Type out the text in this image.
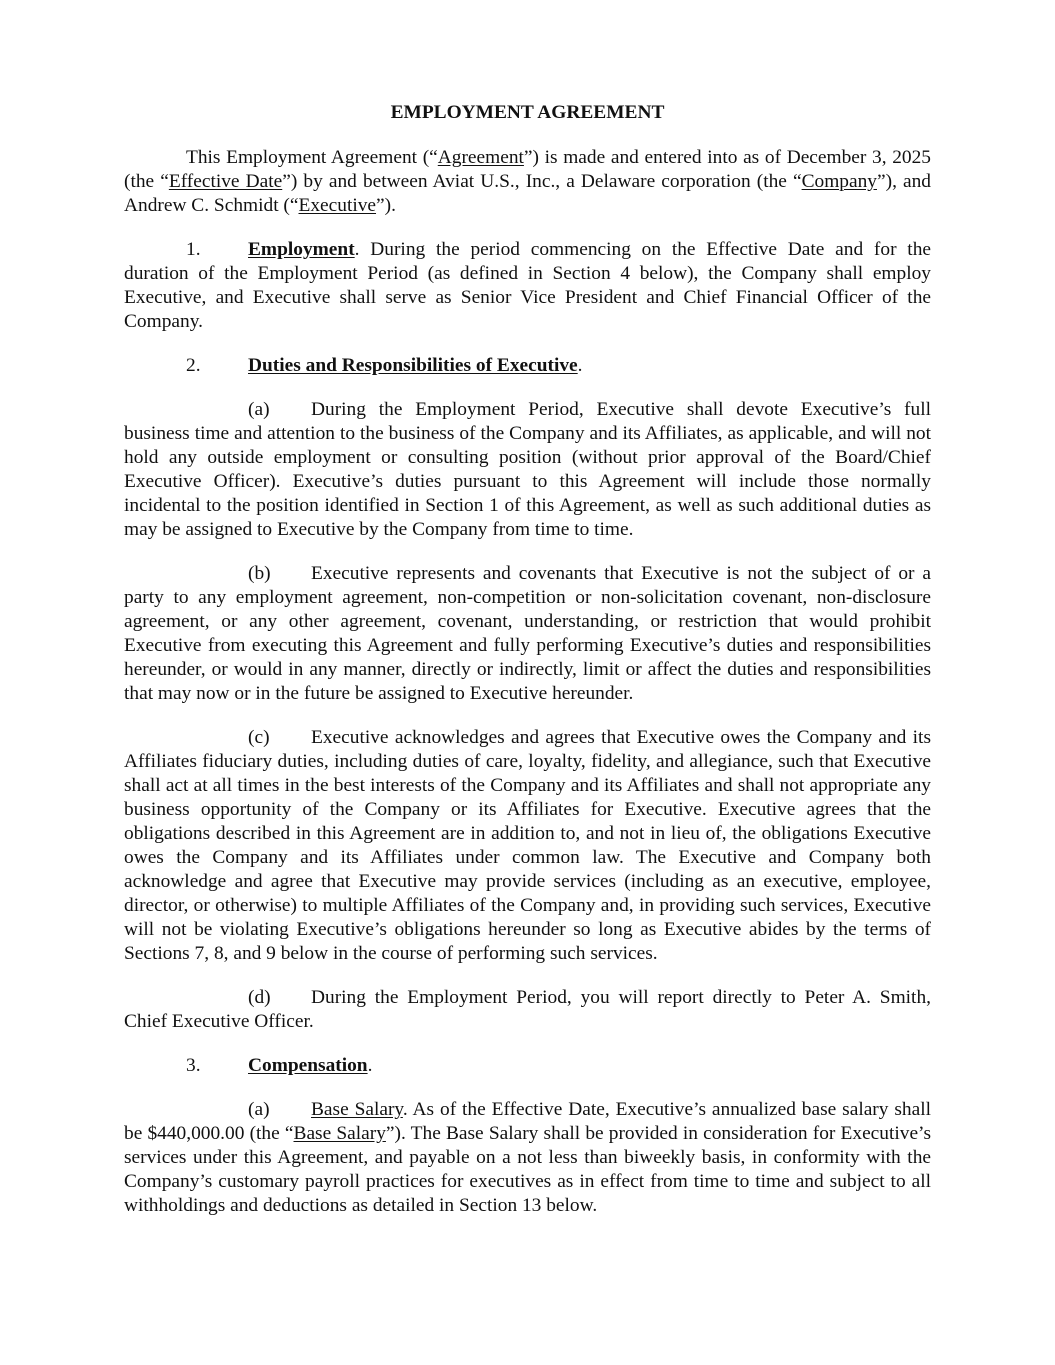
EMPLOYMENT AGREEMENT

This Employment Agreement (“Agreement”) is made and entered into as of December 3, 2025 (the “Effective Date”) by and between Aviat U.S., Inc., a Delaware corporation (the “Company”), and Andrew C. Schmidt (“Executive”).

1. Employment. During the period commencing on the Effective Date and for the duration of the Employment Period (as defined in Section 4 below), the Company shall employ Executive, and Executive shall serve as Senior Vice President and Chief Financial Officer of the Company.

2. Duties and Responsibilities of Executive.

(a) During the Employment Period, Executive shall devote Executive’s full business time and attention to the business of the Company and its Affiliates, as applicable, and will not hold any outside employment or consulting position (without prior approval of the Board/Chief Executive Officer). Executive’s duties pursuant to this Agreement will include those normally incidental to the position identified in Section 1 of this Agreement, as well as such additional duties as may be assigned to Executive by the Company from time to time.

(b) Executive represents and covenants that Executive is not the subject of or a party to any employment agreement, non-competition or non-solicitation covenant, non-disclosure agreement, or any other agreement, covenant, understanding, or restriction that would prohibit Executive from executing this Agreement and fully performing Executive’s duties and responsibilities hereunder, or would in any manner, directly or indirectly, limit or affect the duties and responsibilities that may now or in the future be assigned to Executive hereunder.

(c) Executive acknowledges and agrees that Executive owes the Company and its Affiliates fiduciary duties, including duties of care, loyalty, fidelity, and allegiance, such that Executive shall act at all times in the best interests of the Company and its Affiliates and shall not appropriate any business opportunity of the Company or its Affiliates for Executive. Executive agrees that the obligations described in this Agreement are in addition to, and not in lieu of, the obligations Executive owes the Company and its Affiliates under common law. The Executive and Company both acknowledge and agree that Executive may provide services (including as an executive, employee, director, or otherwise) to multiple Affiliates of the Company and, in providing such services, Executive will not be violating Executive’s obligations hereunder so long as Executive abides by the terms of Sections 7, 8, and 9 below in the course of performing such services.

(d) During the Employment Period, you will report directly to Peter A. Smith, Chief Executive Officer.

3. Compensation.

(a) Base Salary. As of the Effective Date, Executive’s annualized base salary shall be $440,000.00 (the “Base Salary”). The Base Salary shall be provided in consideration for Executive’s services under this Agreement, and payable on a not less than biweekly basis, in conformity with the Company’s customary payroll practices for executives as in effect from time to time and subject to all withholdings and deductions as detailed in Section 13 below.
